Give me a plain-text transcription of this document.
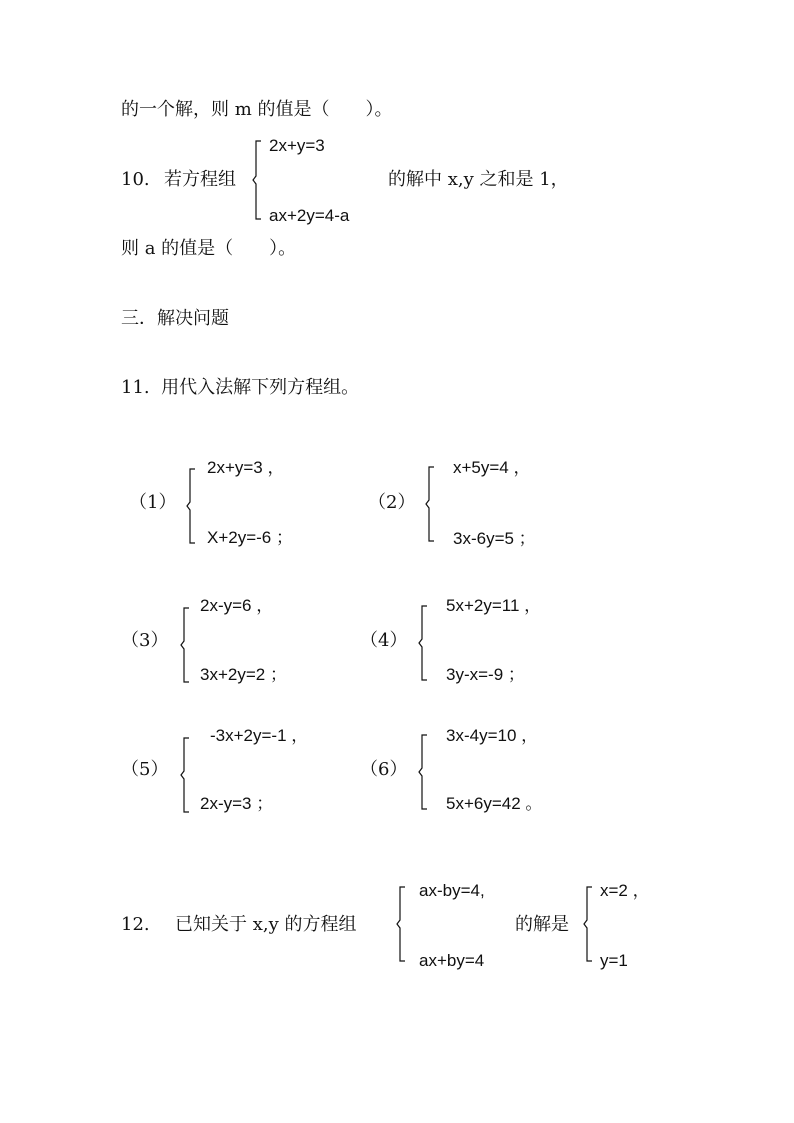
的一个解，则 m 的值是（　　）。
10. 若方程组
2x+y=3
ax+2y=4-a
的解中 x,y 之和是 1，
则 a 的值是（　　）。
三．解决问题
11.  用代入法解下列方程组。
（1）
2x+y=3 ，
X+2y=-6 ；
（2）
x+5y=4 ，
3x-6y=5 ；
（3）
2x-y=6 ，
3x+2y=2 ；
（4）
5x+2y=11 ，
3y-x=-9 ；
（5）
-3x+2y=-1 ，
2x-y=3 ；
（6）
3x-4y=10 ，
5x+6y=42 。
12. 已知关于 x,y 的方程组
ax-by=4,
ax+by=4
的解是
x=2 ，
y=1
